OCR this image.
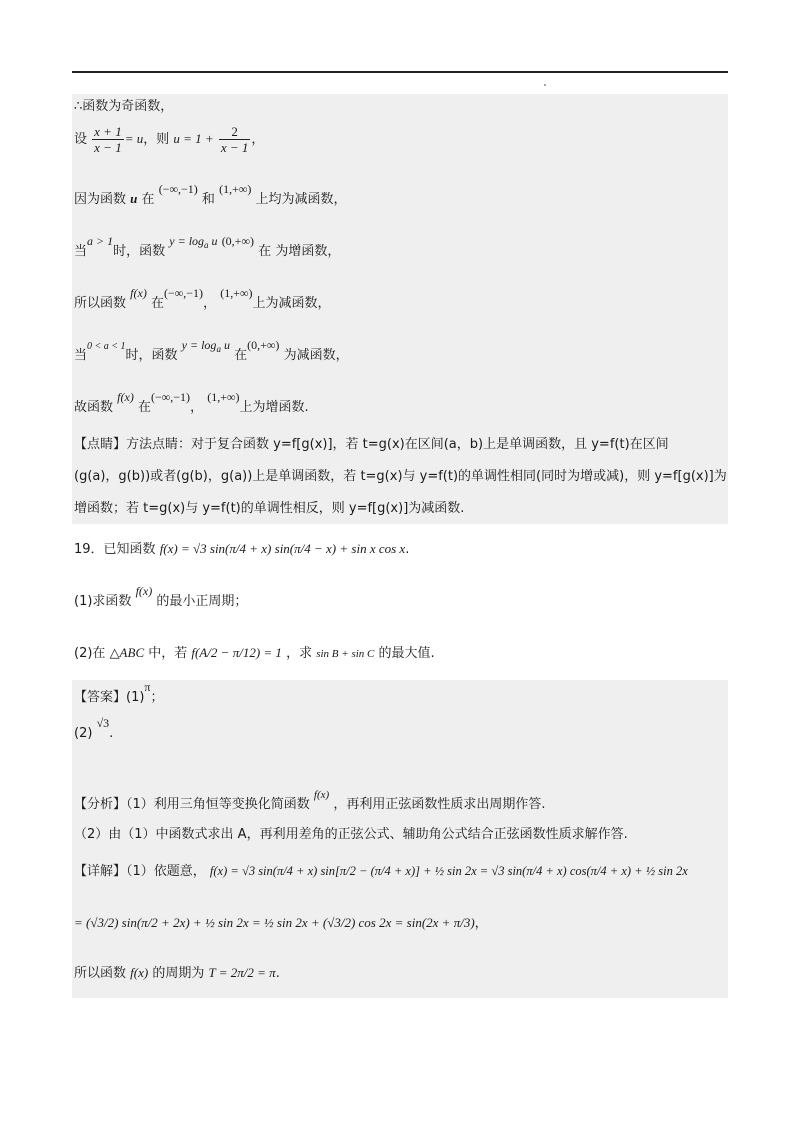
∴函数为奇函数，
设 $\frac{x + 1}{x - 1} = u$，则 $u = 1 + \frac{2}{x - 1}$ ，
因为函数 u 在 (−∞,−1) 和 (1,+∞) 上均为减函数，
当a > 1时，函数 $y = \log_a u$ (0,+∞) 在 为增函数，
所以函数 f(x) 在(−∞,−1)， (1,+∞)上为减函数，
当$^{0 < a < 1}$时，函数 $y = \log_a u$ 在(0,+∞) 为减函数，
故函数 f(x) 在(−∞,−1)， (1,+∞)上为增函数.
【点睛】方法点睛：对于复合函数 y=f[g(x)]，若 t=g(x)在区间(a，b)上是单调函数，且 y=f(t)在区间
(g(a)，g(b))或者(g(b)，g(a))上是单调函数，若 t=g(x)与 y=f(t)的单调性相同(同时为增或减)，则 y=f[g(x)]为
增函数；若 t=g(x)与 y=f(t)的单调性相反，则 y=f[g(x)]为减函数.
19．已知函数 f(x) = √3 sin(π/4 + x) sin(π/4 − x) + sin x cos x.
(1)求函数 f(x) 的最小正周期；
(2)在 △ABC 中，若 f(A/2 − π/12) = 1 ，求 sin B + sin C 的最大值.
【答案】(1)π；
(2) √3.
【分析】（1）利用三角恒等变换化简函数 $^{f(x)}$ ，再利用正弦函数性质求出周期作答.
（2）由（1）中函数式求出 A，再利用差角的正弦公式、辅助角公式结合正弦函数性质求解作答.
【详解】（1）依题意， f(x) = √3 sin(π/4 + x) sin[π/2 − (π/4 + x)] + ½ sin 2x = √3 sin(π/4 + x) cos(π/4 + x) + ½ sin 2x
= (√3/2) sin(π/2 + 2x) + ½ sin 2x = ½ sin 2x + (√3/2) cos 2x = sin(2x + π/3)，
所以函数 f(x) 的周期为 T = 2π/2 = π.
